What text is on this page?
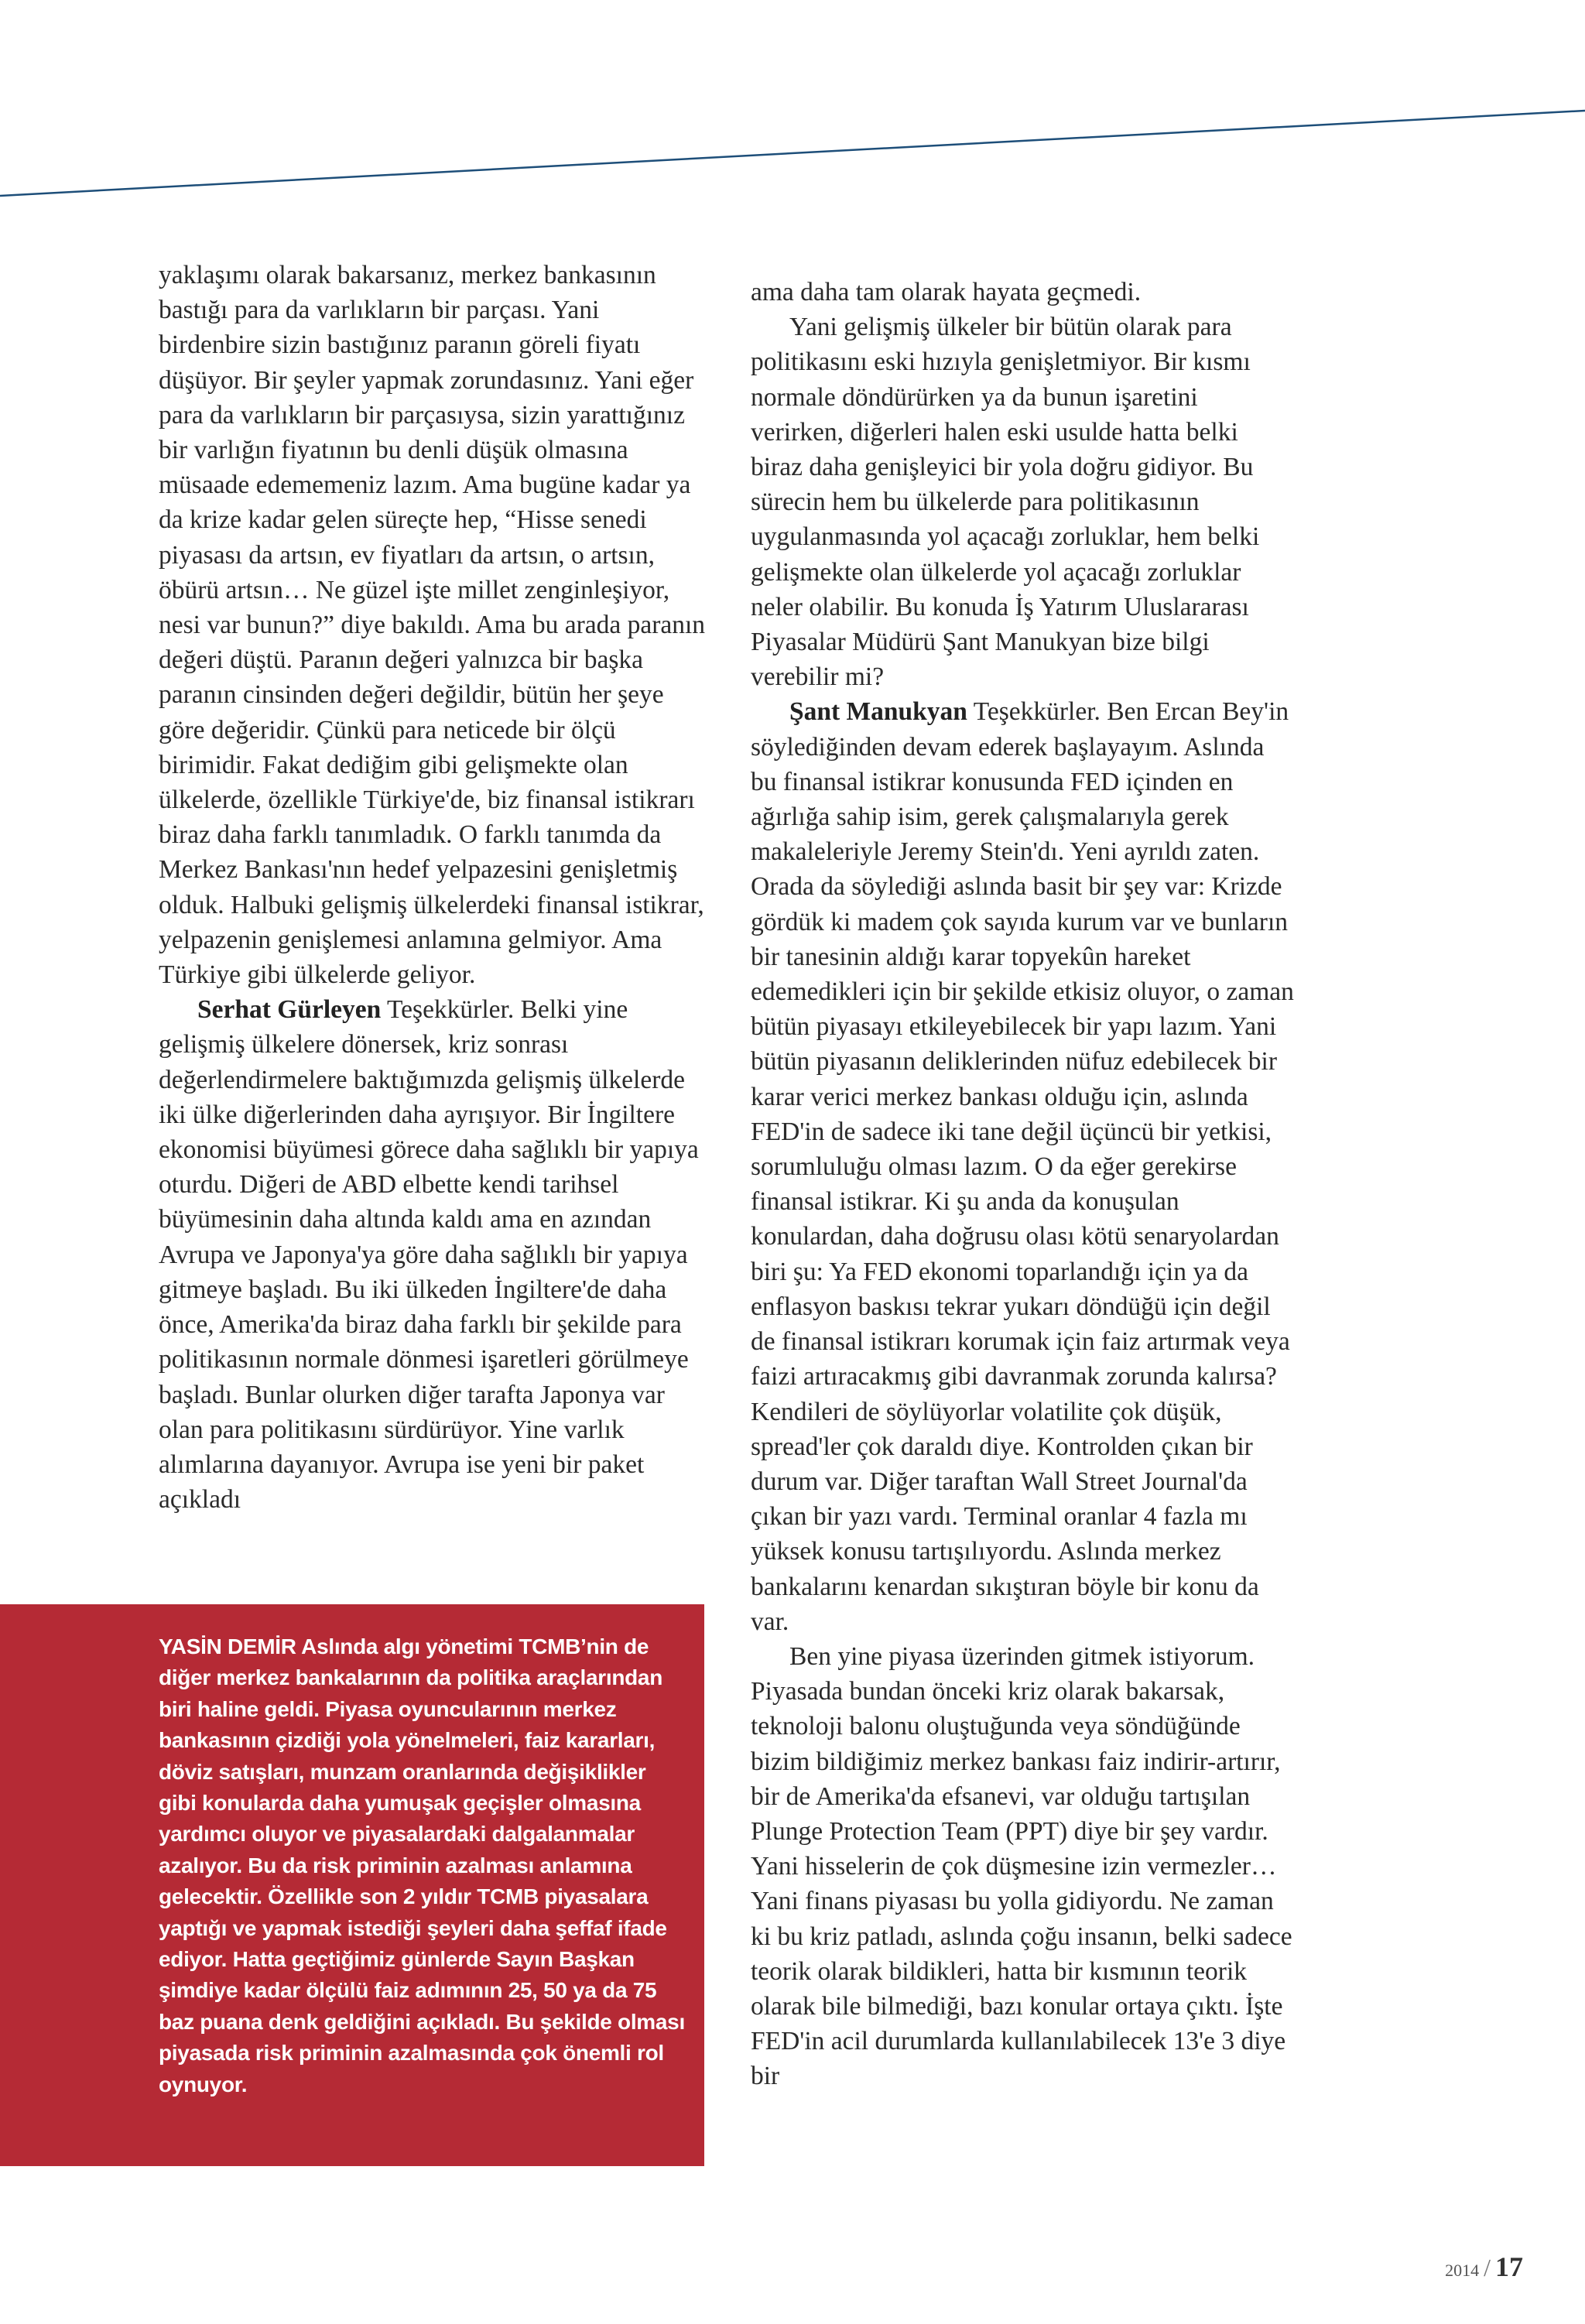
yaklaşımı olarak bakarsanız, merkez bankasının bastığı para da varlıkların bir parçası. Yani birdenbire sizin bastığınız paranın göreli fiyatı düşüyor. Bir şeyler yapmak zorundasınız. Yani eğer para da varlıkların bir parçasıysa, sizin yarattığınız bir varlığın fiyatının bu denli düşük olmasına müsaade edememeniz lazım. Ama bugüne kadar ya da krize kadar gelen süreçte hep, “Hisse senedi piyasası da artsın, ev fiyatları da artsın, o artsın, öbürü artsın… Ne güzel işte millet zenginleşiyor, nesi var bunun?” diye bakıldı. Ama bu arada paranın değeri düştü. Paranın değeri yalnızca bir başka paranın cinsinden değeri değildir, bütün her şeye göre değeridir. Çünkü para neticede bir ölçü birimidir. Fakat dediğim gibi gelişmekte olan ülkelerde, özellikle Türkiye'de, biz finansal istikrarı biraz daha farklı tanımladık. O farklı tanımda da Merkez Bankası'nın hedef yelpazesini genişletmiş olduk. Halbuki gelişmiş ülkelerdeki finansal istikrar, yelpazenin genişlemesi anlamına gelmiyor. Ama Türkiye gibi ülkelerde geliyor.

Serhat Gürleyen Teşekkürler. Belki yine gelişmiş ülkelere dönersek, kriz sonrası değerlendirmelere baktığımızda gelişmiş ülkelerde iki ülke diğerlerinden daha ayrışıyor. Bir İngiltere ekonomisi büyümesi görece daha sağlıklı bir yapıya oturdu. Diğeri de ABD elbette kendi tarihsel büyümesinin daha altında kaldı ama en azından Avrupa ve Japonya'ya göre daha sağlıklı bir yapıya gitmeye başladı. Bu iki ülkeden İngiltere'de daha önce, Amerika'da biraz daha farklı bir şekilde para politikasının normale dönmesi işaretleri görülmeye başladı. Bunlar olurken diğer tarafta Japonya var olan para politikasını sürdürüyor. Yine varlık alımlarına dayanıyor. Avrupa ise yeni bir paket açıkladı

ama daha tam olarak hayata geçmedi.

Yani gelişmiş ülkeler bir bütün olarak para politikasını eski hızıyla genişletmiyor. Bir kısmı normale döndürürken ya da bunun işaretini verirken, diğerleri halen eski usulde hatta belki biraz daha genişleyici bir yola doğru gidiyor. Bu sürecin hem bu ülkelerde para politikasının uygulanmasında yol açacağı zorluklar, hem belki gelişmekte olan ülkelerde yol açacağı zorluklar neler olabilir. Bu konuda İş Yatırım Uluslararası Piyasalar Müdürü Şant Manukyan bize bilgi verebilir mi?

Şant Manukyan Teşekkürler. Ben Ercan Bey'in söylediğinden devam ederek başlayayım. Aslında bu finansal istikrar konusunda FED içinden en ağırlığa sahip isim, gerek çalışmalarıyla gerek makaleleriyle Jeremy Stein'dı. Yeni ayrıldı zaten. Orada da söylediği aslında basit bir şey var: Krizde gördük ki madem çok sayıda kurum var ve bunların bir tanesinin aldığı karar topyekûn hareket edemedikleri için bir şekilde etkisiz oluyor, o zaman bütün piyasayı etkileyebilecek bir yapı lazım. Yani bütün piyasanın deliklerinden nüfuz edebilecek bir karar verici merkez bankası olduğu için, aslında FED'in de sadece iki tane değil üçüncü bir yetkisi, sorumluluğu olması lazım. O da eğer gerekirse finansal istikrar. Ki şu anda da konuşulan konulardan, daha doğrusu olası kötü senaryolardan biri şu: Ya FED ekonomi toparlandığı için ya da enflasyon baskısı tekrar yukarı döndüğü için değil de finansal istikrarı korumak için faiz artırmak veya faizi artıracakmış gibi davranmak zorunda kalırsa? Kendileri de söylüyorlar volatilite çok düşük, spread'ler çok daraldı diye. Kontrolden çıkan bir durum var. Diğer taraftan Wall Street Journal'da çıkan bir yazı vardı. Terminal oranlar 4 fazla mı yüksek konusu tartışılıyordu. Aslında merkez bankalarını kenardan sıkıştıran böyle bir konu da var.

Ben yine piyasa üzerinden gitmek istiyorum. Piyasada bundan önceki kriz olarak bakarsak, teknoloji balonu oluştuğunda veya söndüğünde bizim bildiğimiz merkez bankası faiz indirir-artırır, bir de Amerika'da efsanevi, var olduğu tartışılan Plunge Protection Team (PPT) diye bir şey vardır. Yani hisselerin de çok düşmesine izin vermezler… Yani finans piyasası bu yolla gidiyordu. Ne zaman ki bu kriz patladı, aslında çoğu insanın, belki sadece teorik olarak bildikleri, hatta bir kısmının teorik olarak bile bilmediği, bazı konular ortaya çıktı. İşte FED'in acil durumlarda kullanılabilecek 13'e 3 diye bir

YASİN DEMİR Aslında algı yönetimi TCMB’nin de diğer merkez bankalarının da politika araçlarından biri haline geldi. Piyasa oyuncularının merkez bankasının çizdiği yola yönelmeleri, faiz kararları, döviz satışları, munzam oranlarında değişiklikler gibi konularda daha yumuşak geçişler olmasına yardımcı oluyor ve piyasalardaki dalgalanmalar azalıyor. Bu da risk priminin azalması anlamına gelecektir. Özellikle son 2 yıldır TCMB piyasalara yaptığı ve yapmak istediği şeyleri daha şeffaf ifade ediyor. Hatta geçtiğimiz günlerde Sayın Başkan şimdiye kadar ölçülü faiz adımının 25, 50 ya da 75 baz puana denk geldiğini açıkladı. Bu şekilde olması piyasada risk priminin azalmasında çok önemli rol oynuyor.

2014 / 17
